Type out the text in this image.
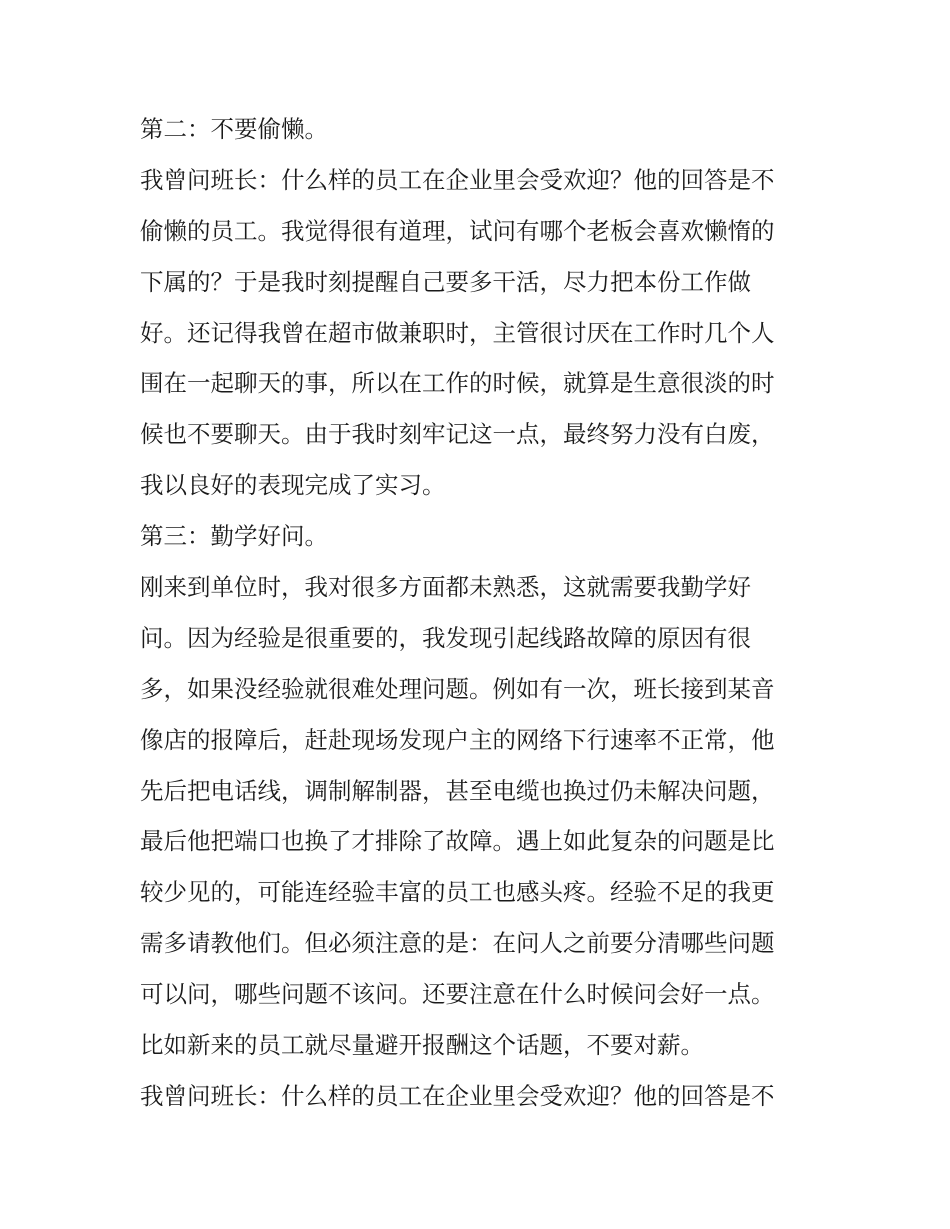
第二：不要偷懒。
我曾问班长：什么样的员工在企业里会受欢迎？他的回答是不
偷懒的员工。我觉得很有道理，试问有哪个老板会喜欢懒惰的
下属的？于是我时刻提醒自己要多干活，尽力把本份工作做
好。还记得我曾在超市做兼职时，主管很讨厌在工作时几个人
围在一起聊天的事，所以在工作的时候，就算是生意很淡的时
候也不要聊天。由于我时刻牢记这一点，最终努力没有白废，
我以良好的表现完成了实习。
第三：勤学好问。
刚来到单位时，我对很多方面都未熟悉，这就需要我勤学好
问。因为经验是很重要的，我发现引起线路故障的原因有很
多，如果没经验就很难处理问题。例如有一次，班长接到某音
像店的报障后，赶赴现场发现户主的网络下行速率不正常，他
先后把电话线，调制解制器，甚至电缆也换过仍未解决问题，
最后他把端口也换了才排除了故障。遇上如此复杂的问题是比
较少见的，可能连经验丰富的员工也感头疼。经验不足的我更
需多请教他们。但必须注意的是：在问人之前要分清哪些问题
可以问，哪些问题不该问。还要注意在什么时候问会好一点。
比如新来的员工就尽量避开报酬这个话题，不要对薪。
我曾问班长：什么样的员工在企业里会受欢迎？他的回答是不
